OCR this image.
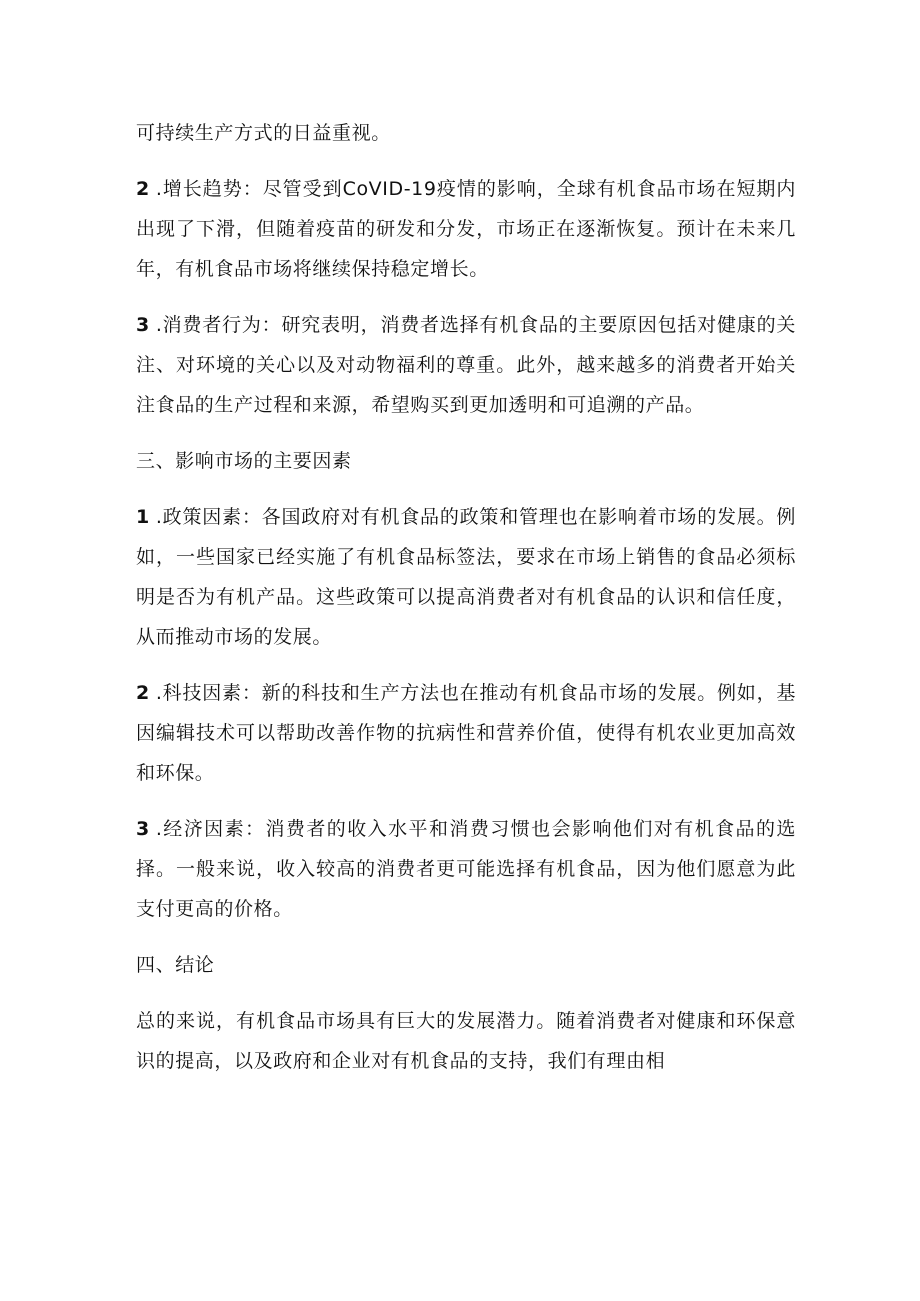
可持续生产方式的日益重视。

2 .增长趋势：尽管受到CoVID-19疫情的影响，全球有机食品市场在短期内出现了下滑，但随着疫苗的研发和分发，市场正在逐渐恢复。预计在未来几年，有机食品市场将继续保持稳定增长。

3 .消费者行为：研究表明，消费者选择有机食品的主要原因包括对健康的关注、对环境的关心以及对动物福利的尊重。此外，越来越多的消费者开始关注食品的生产过程和来源，希望购买到更加透明和可追溯的产品。

三、影响市场的主要因素

1 .政策因素：各国政府对有机食品的政策和管理也在影响着市场的发展。例如，一些国家已经实施了有机食品标签法，要求在市场上销售的食品必须标明是否为有机产品。这些政策可以提高消费者对有机食品的认识和信任度，从而推动市场的发展。

2 .科技因素：新的科技和生产方法也在推动有机食品市场的发展。例如，基因编辑技术可以帮助改善作物的抗病性和营养价值，使得有机农业更加高效和环保。

3 .经济因素：消费者的收入水平和消费习惯也会影响他们对有机食品的选择。一般来说，收入较高的消费者更可能选择有机食品，因为他们愿意为此支付更高的价格。

四、结论

总的来说，有机食品市场具有巨大的发展潜力。随着消费者对健康和环保意识的提高，以及政府和企业对有机食品的支持，我们有理由相
